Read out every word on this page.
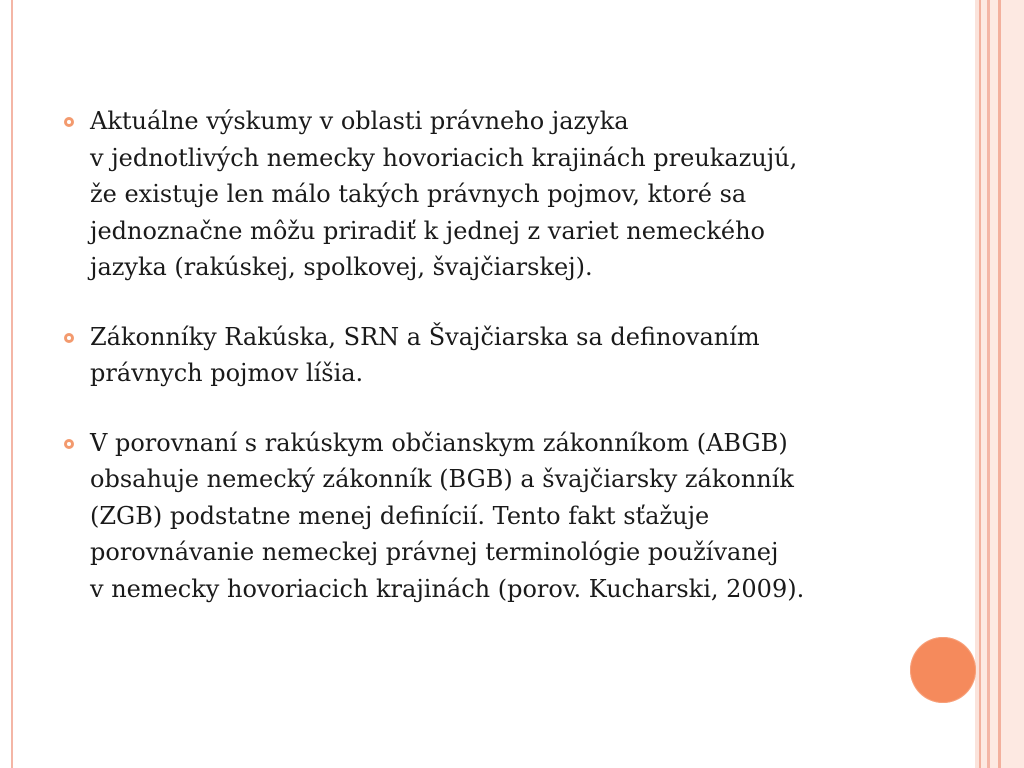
Aktuálne výskumy v oblasti právneho jazyka
v jednotlivých nemecky hovoriacich krajinách preukazujú,
že existuje len málo takých právnych pojmov, ktoré sa
jednoznačne môžu priradiť k jednej z variet nemeckého
jazyka (rakúskej, spolkovej, švajčiarskej).
Zákonníky Rakúska, SRN a Švajčiarska sa definovaním
právnych pojmov líšia.
V porovnaní s rakúskym občianskym zákonníkom (ABGB)
obsahuje nemecký zákonník (BGB) a švajčiarsky zákonník
(ZGB) podstatne menej definícií. Tento fakt sťažuje
porovnávanie nemeckej právnej terminológie používanej
v nemecky hovoriacich krajinách (porov. Kucharski, 2009).
